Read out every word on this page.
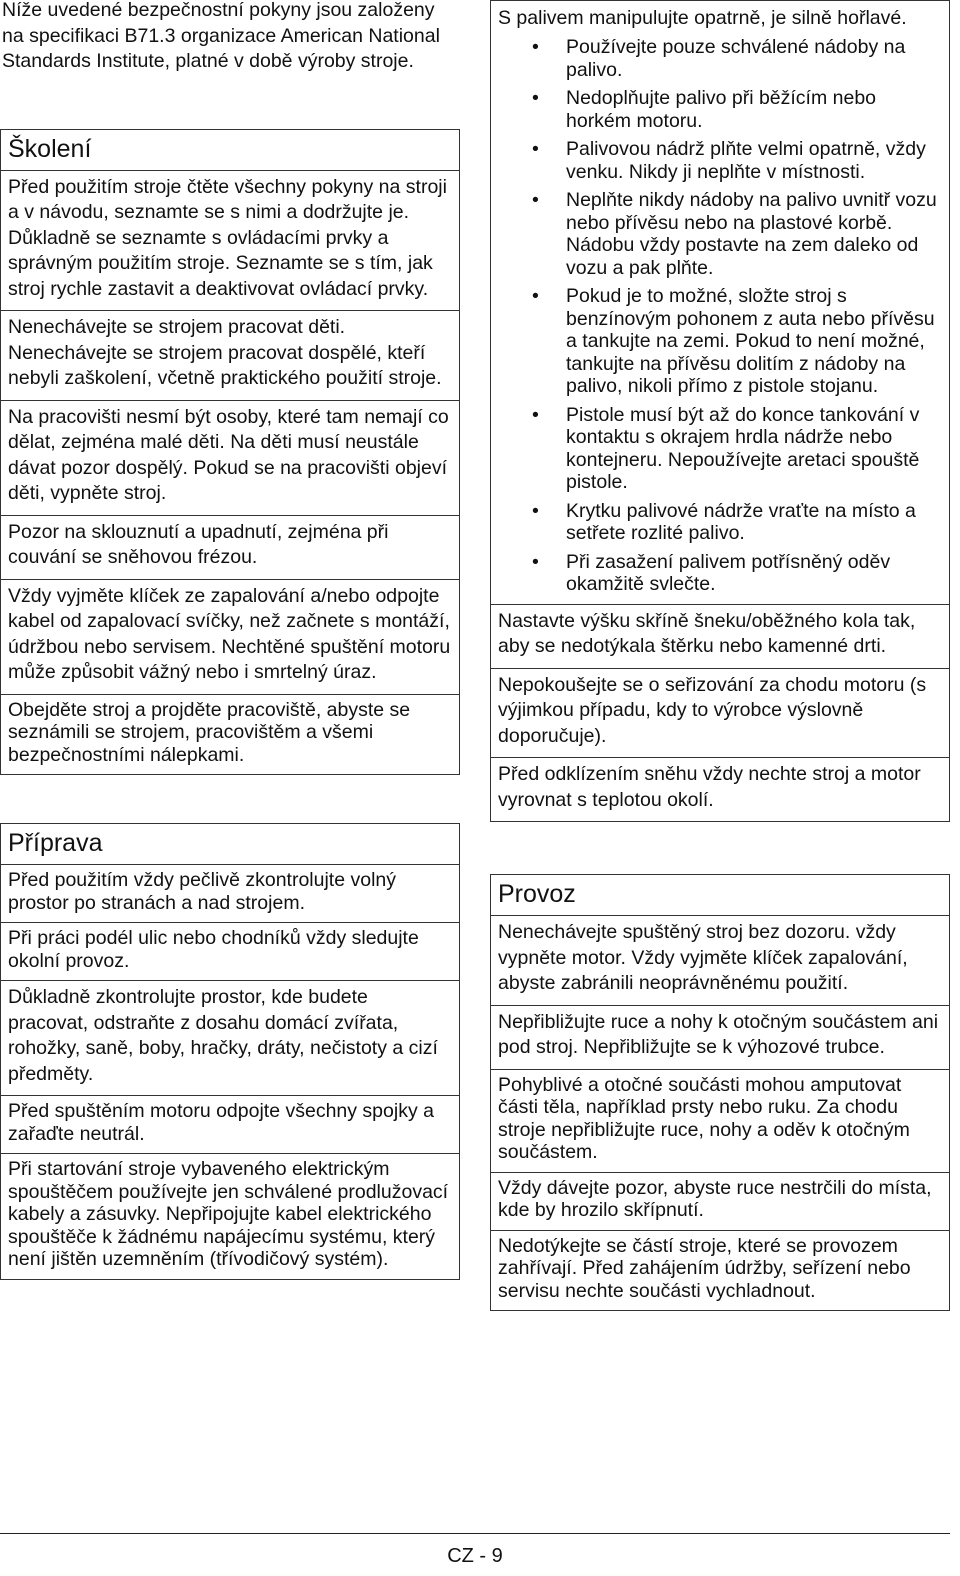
Níže uvedené bezpečnostní pokyny jsou založeny na specifikaci B71.3 organizace American National Standards Institute, platné v době výroby stroje.

Školení
Před použitím stroje čtěte všechny pokyny na stroji a v návodu, seznamte se s nimi a dodržujte je. Důkladně se seznamte s ovládacími prvky a správným použitím stroje. Seznamte se s tím, jak stroj rychle zastavit a deaktivovat ovládací prvky.
Nenechávejte se strojem pracovat děti. Nenechávejte se strojem pracovat dospělé, kteří nebyli zaškolení, včetně praktického použití stroje.
Na pracovišti nesmí být osoby, které tam nemají co dělat, zejména malé děti. Na děti musí neustále dávat pozor dospělý. Pokud se na pracovišti objeví děti, vypněte stroj.
Pozor na sklouznutí a upadnutí, zejména při couvání se sněhovou frézou.
Vždy vyjměte klíček ze zapalování a/nebo odpojte kabel od zapalovací svíčky, než začnete s montáží, údržbou nebo servisem. Nechtěné spuštění motoru může způsobit vážný nebo i smrtelný úraz.
Obejděte stroj a projděte pracoviště, abyste se seznámili se strojem, pracovištěm a všemi bezpečnostními nálepkami.
Příprava
Před použitím vždy pečlivě zkontrolujte volný prostor po stranách a nad strojem.
Při práci podél ulic nebo chodníků vždy sledujte okolní provoz.
Důkladně zkontrolujte prostor, kde budete pracovat, odstraňte z dosahu domácí zvířata, rohožky, saně, boby, hračky, dráty, nečistoty a cizí předměty.
Před spuštěním motoru odpojte všechny spojky a zařaďte neutrál.
Při startování stroje vybaveného elektrickým spouštěčem používejte jen schválené prodlužovací kabely a zásuvky. Nepřipojujte kabel elektrického spouštěče k žádnému napájecímu systému, který není jištěn uzemněním (třívodičový systém).
S palivem manipulujte opatrně, je silně hořlavé.
• Používejte pouze schválené nádoby na palivo.
• Nedoplňujte palivo při běžícím nebo horkém motoru.
• Palivovou nádrž plňte velmi opatrně, vždy venku. Nikdy ji neplňte v místnosti.
• Neplňte nikdy nádoby na palivo uvnitř vozu nebo přívěsu nebo na plastové korbě. Nádobu vždy postavte na zem daleko od vozu a pak plňte.
• Pokud je to možné, složte stroj s benzínovým pohonem z auta nebo přívěsu a tankujte na zemi. Pokud to není možné, tankujte na přívěsu dolitím z nádoby na palivo, nikoli přímo z pistole stojanu.
• Pistole musí být až do konce tankování v kontaktu s okrajem hrdla nádrže nebo kontejneru. Nepoužívejte aretaci spouště pistole.
• Krytku palivové nádrže vraťte na místo a setřete rozlité palivo.
• Při zasažení palivem potřísněný oděv okamžitě svlečte.
Nastavte výšku skříně šneku/oběžného kola tak, aby se nedotýkala štěrku nebo kamenné drti.
Nepokoušejte se o seřizování za chodu motoru (s výjimkou případu, kdy to výrobce výslovně doporučuje).
Před odklízením sněhu vždy nechte stroj a motor vyrovnat s teplotou okolí.
Provoz
Nenechávejte spuštěný stroj bez dozoru. vždy vypněte motor. Vždy vyjměte klíček zapalování, abyste zabránili neoprávněnému použití.
Nepřibližujte ruce a nohy k otočným součástem ani pod stroj. Nepřibližujte se k výhozové trubce.
Pohyblivé a otočné součásti mohou amputovat části těla, například prsty nebo ruku. Za chodu stroje nepřibližujte ruce, nohy a oděv k otočným součástem.
Vždy dávejte pozor, abyste ruce nestrčili do místa, kde by hrozilo skřípnutí.
Nedotýkejte se částí stroje, které se provozem zahřívají. Před zahájením údržby, seřízení nebo servisu nechte součásti vychladnout.
CZ - 9
